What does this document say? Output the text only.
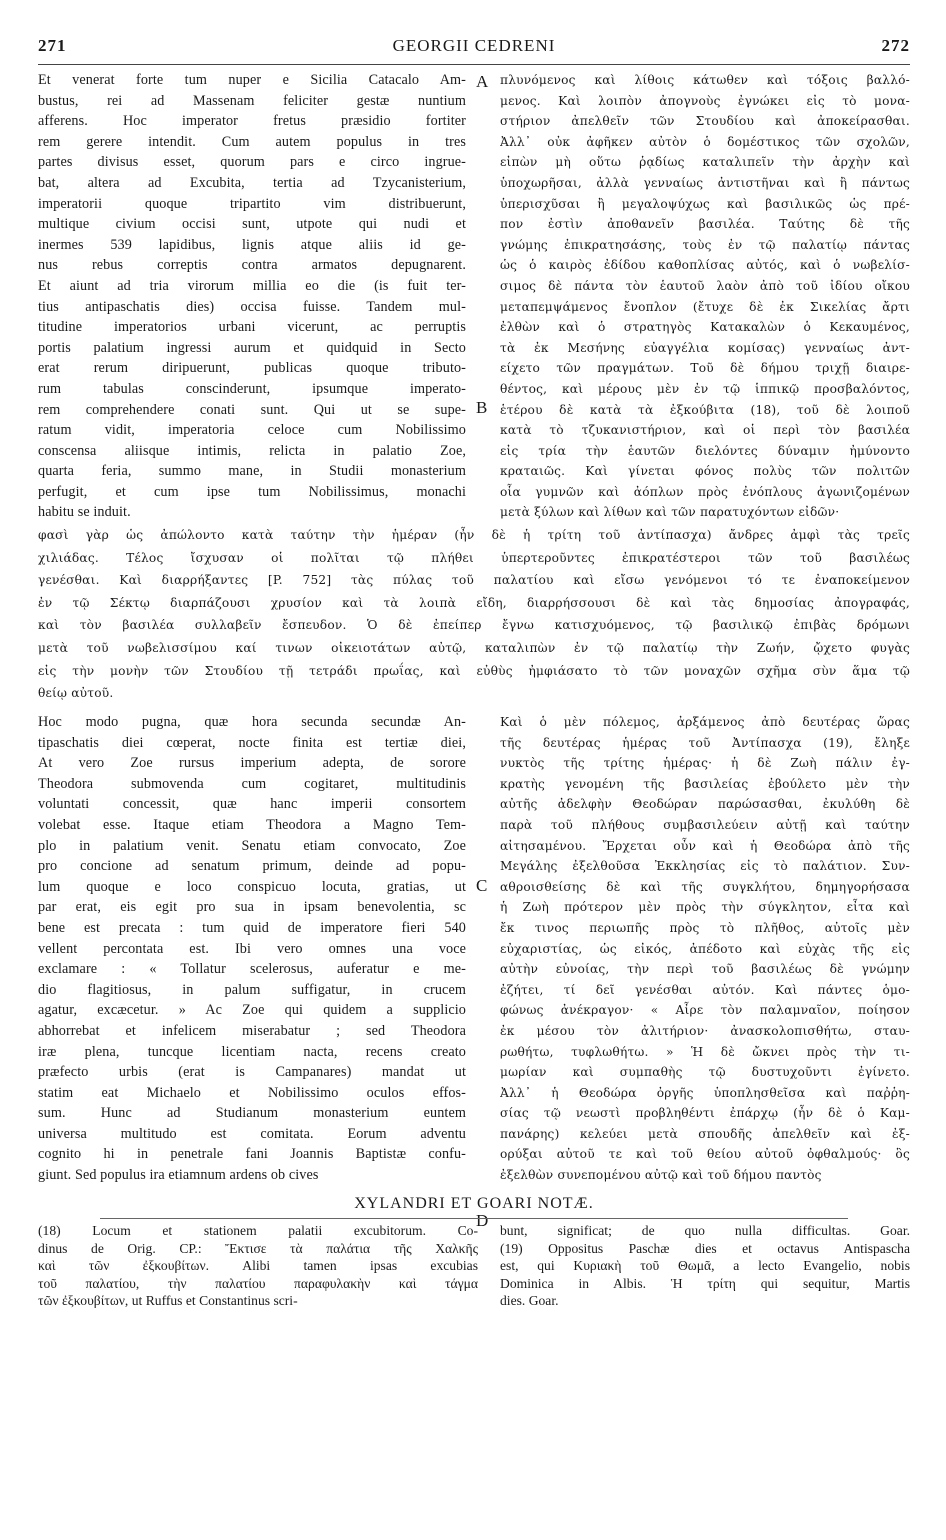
271	GEORGII CEDRENI	272
Et venerat forte tum nuper e Sicilia Catacalo Am-
bustus, rei ad Massenam feliciter gestæ nuntium
afferens. Hoc imperator fretus præsidio fortiter
rem gerere intendit. Cum autem populus in tres
partes divisus esset, quorum pars e circo ingrue-
bat, altera ad Excubita, tertia ad Tzycanisterium,
imperatorii quoque tripartito vim distribuerunt,
multique civium occisi sunt, utpote qui nudi et
inermes 539 lapidibus, lignis atque aliis id ge-
nus rebus correptis contra armatos depugnarent.
Et aiunt ad tria virorum millia eo die (is fuit ter-
tius antipaschatis dies) occisa fuisse. Tandem mul-
titudine imperatorios urbani vicerunt, ac perruptis
portis palatium ingressi aurum et quidquid in Secto
erat rerum diripuerunt, publicas quoque tributo-
rum tabulas conscinderunt, ipsumque imperato-
rem comprehendere conati sunt. Qui ut se supe-
ratum vidit, imperatoria celoce cum Nobilissimo
conscensa aliisque intimis, relicta in palatio Zoe,
quarta feria, summo mane, in Studii monasterium
perfugit, et cum ipse tum Nobilissimus, monachi
habitu se induit.
πλυνόμενος καὶ λίθοις κάτωθεν καὶ τόξοις βαλλό-
μενος. Καὶ λοιπὸν ἀπογνοὺς ἐγνώκει εἰς τὸ μονα-
στήριον ἀπελθεῖν τῶν Στουδίου καὶ ἀποκείρασθαι.
Ἀλλ᾽ οὐκ ἀφῆκεν αὐτὸν ὁ δομέστικος τῶν σχολῶν,
εἰπὼν μὴ οὕτω ῥᾳδίως καταλιπεῖν τὴν ἀρχὴν καὶ
ὑποχωρῆσαι, ἀλλὰ γενναίως ἀντιστῆναι καὶ ἢ πάντως
ὑπερισχῦσαι ἢ μεγαλοψύχως καὶ βασιλικῶς ὡς πρέ-
πον ἐστὶν ἀποθανεῖν βασιλέα. Ταύτης δὲ τῆς
γνώμης ἐπικρατησάσης, τοὺς ἐν τῷ παλατίῳ πάντας
ὡς ὁ καιρὸς ἐδίδου καθοπλίσας αὐτός, καὶ ὁ νωβελίσ-
σιμος δὲ πάντα τὸν ἑαυτοῦ λαὸν ἀπὸ τοῦ ἰδίου οἴκου
μεταπεμψάμενος ἔνοπλον (ἔτυχε δὲ ἐκ Σικελίας ἄρτι
ἐλθὼν καὶ ὁ στρατηγὸς Κατακαλὼν ὁ Κεκαυμένος,
τὰ ἐκ Μεσήνης εὐαγγέλια κομίσας) γενναίως ἀντ-
είχετο τῶν πραγμάτων. Τοῦ δὲ δήμου τριχῇ διαιρε-
θέντος, καὶ μέρους μὲν ἐν τῷ ἱππικῷ προσβαλόντος,
ἑτέρου δὲ κατὰ τὰ ἐξκούβιτα (18), τοῦ δὲ λοιποῦ
κατὰ τὸ τζυκανιστήριον, καὶ οἱ περὶ τὸν βασιλέα
εἰς τρία τὴν ἑαυτῶν διελόντες δύναμιν ἠμύνοντο
κραταιῶς. Καὶ γίνεται φόνος πολὺς τῶν πολιτῶν
οἷα γυμνῶν καὶ ἀόπλων πρὸς ἐνόπλους ἀγωνιζομένων
μετὰ ξύλων καὶ λίθων καὶ τῶν παρατυχόντων εἰδῶν·
A
B
C
D
φασὶ γὰρ ὡς ἀπώλοντο κατὰ ταύτην τὴν ἡμέραν (ἦν δὲ ἡ τρίτη τοῦ ἀντίπασχα) ἄνδρες ἀμφὶ τὰς τρεῖς
χιλιάδας. Τέλος ἴσχυσαν οἱ πολῖται τῷ πλήθει ὑπερτεροῦντες ἐπικρατέστεροι τῶν τοῦ βασιλέως
γενέσθαι. Καὶ διαρρήξαντες [P. 752] τὰς πύλας τοῦ παλατίου καὶ εἴσω γενόμενοι τό τε ἐναποκείμενον
ἐν τῷ Σέκτῳ διαρπάζουσι χρυσίον καὶ τὰ λοιπὰ εἴδη, διαρρήσσουσι δὲ καὶ τὰς δημοσίας ἀπογραφάς,
καὶ τὸν βασιλέα συλλαβεῖν ἔσπευδον. Ὁ δὲ ἐπείπερ ἔγνω κατισχυόμενος, τῷ βασιλικῷ ἐπιβὰς δρόμωνι
μετὰ τοῦ νωβελισσίμου καί τινων οἰκειοτάτων αὐτῷ, καταλιπὼν ἐν τῷ παλατίῳ τὴν Ζωήν, ᾤχετο φυγὰς
εἰς τὴν μονὴν τῶν Στουδίου τῇ τετράδι πρωΐας, καὶ εὐθὺς ἠμφιάσατο τὸ τῶν μοναχῶν σχῆμα σὺν ἅμα τῷ
θείῳ αὐτοῦ.
Hoc modo pugna, quæ hora secunda secundæ An-
tipaschatis diei cœperat, nocte finita est tertiæ diei,
At vero Zoe rursus imperium adepta, de sorore
Theodora submovenda cum cogitaret, multitudinis
voluntati concessit, quæ hanc imperii consortem
volebat esse. Itaque etiam Theodora a Magno Tem-
plo in palatium venit. Senatu etiam convocato, Zoe
pro concione ad senatum primum, deinde ad popu-
lum quoque e loco conspicuo locuta, gratias, ut
par erat, eis egit pro sua in ipsam benevolentia, sc
bene est precata : tum quid de imperatore fieri 540
vellent percontata est. Ibi vero omnes una voce
exclamare : « Tollatur scelerosus, auferatur e me-
dio flagitiosus, in palum suffigatur, in crucem
agatur, excæcetur. » Ac Zoe qui quidem a supplicio
abhorrebat et infelicem miserabatur ; sed Theodora
iræ plena, tuncque licentiam nacta, recens creato
præfecto urbis (erat is Campanares) mandat ut
statim eat Michaelo et Nobilissimo oculos effos-
sum. Hunc ad Studianum monasterium euntem
universa multitudo est comitata. Eorum adventu
cognito hi in penetrale fani Joannis Baptistæ confu-
giunt. Sed populus ira etiamnum ardens ob cives
Καὶ ὁ μὲν πόλεμος, ἀρξάμενος ἀπὸ δευτέρας ὥρας
τῆς δευτέρας ἡμέρας τοῦ Ἀντίπασχα (19), ἔληξε
νυκτὸς τῆς τρίτης ἡμέρας· ἡ δὲ Ζωὴ πάλιν ἐγ-
κρατὴς γενομένη τῆς βασιλείας ἐβούλετο μὲν τὴν
αὐτῆς ἀδελφὴν Θεοδώραν παρώσασθαι, ἐκυλύθη δὲ
παρὰ τοῦ πλήθους συμβασιλεύειν αὐτῇ καὶ ταύτην
αἰτησαμένου. Ἔρχεται οὖν καὶ ἡ Θεοδώρα ἀπὸ τῆς
Μεγάλης ἐξελθοῦσα Ἐκκλησίας εἰς τὸ παλάτιον. Συν-
αθροισθείσης δὲ καὶ τῆς συγκλήτου, δημηγορήσασα
ἡ Ζωὴ πρότερον μὲν πρὸς τὴν σύγκλητον, εἶτα καὶ
ἔκ τινος περιωπῆς πρὸς τὸ πλῆθος, αὐτοῖς μὲν
εὐχαριστίας, ὡς εἰκός, ἀπέδοτο καὶ εὐχὰς τῆς εἰς
αὐτὴν εὐνοίας, τὴν περὶ τοῦ βασιλέως δὲ γνώμην
ἐζήτει, τί δεῖ γενέσθαι αὐτόν. Καὶ πάντες ὁμο-
φώνως ἀνέκραγον· « Αἶρε τὸν παλαμναῖον, ποίησον
ἐκ μέσου τὸν ἀλιτήριον· ἀνασκολοπισθήτω, σταυ-
ρωθήτω, τυφλωθήτω. » Ἡ δὲ ὤκνει πρὸς τὴν τι-
μωρίαν καὶ συμπαθὴς τῷ δυστυχοῦντι ἐγίνετο.
Ἀλλ᾽ ἡ Θεοδώρα ὀργῆς ὑποπλησθεῖσα καὶ παῤῥη-
σίας τῷ νεωστὶ προβληθέντι ἐπάρχῳ (ἦν δὲ ὁ Καμ-
πανάρης) κελεύει μετὰ σπουδῆς ἀπελθεῖν καὶ ἐξ-
ορύξαι αὐτοῦ τε καὶ τοῦ θείου αὐτοῦ ὀφθαλμούς· ὃς
ἐξελθὼν συνεπομένου αὐτῷ καὶ τοῦ δήμου παντὸς
XYLANDRI ET GOARI NOTÆ.
(18) Locum et stationem palatii excubitorum. Co-
dinus de Orig. CP.: Ἔκτισε τὰ παλάτια τῆς Χαλκῆς
καὶ τῶν ἐξκουβίτων. Alibi tamen ipsas excubias
τοῦ παλατίου, τὴν παλατίου παραφυλακὴν καὶ τάγμα
τῶν ἐξκουβίτων, ut Ruffus et Constantinus scri-
bunt, significat; de quo nulla difficultas. Goar.
(19) Oppositus Paschæ dies et octavus Antispascha
est, qui Κυριακὴ τοῦ Θωμᾶ, a lecto Evangelio, nobis
Dominica in Albis. Ἡ τρίτη qui sequitur, Martis
dies. Goar.
